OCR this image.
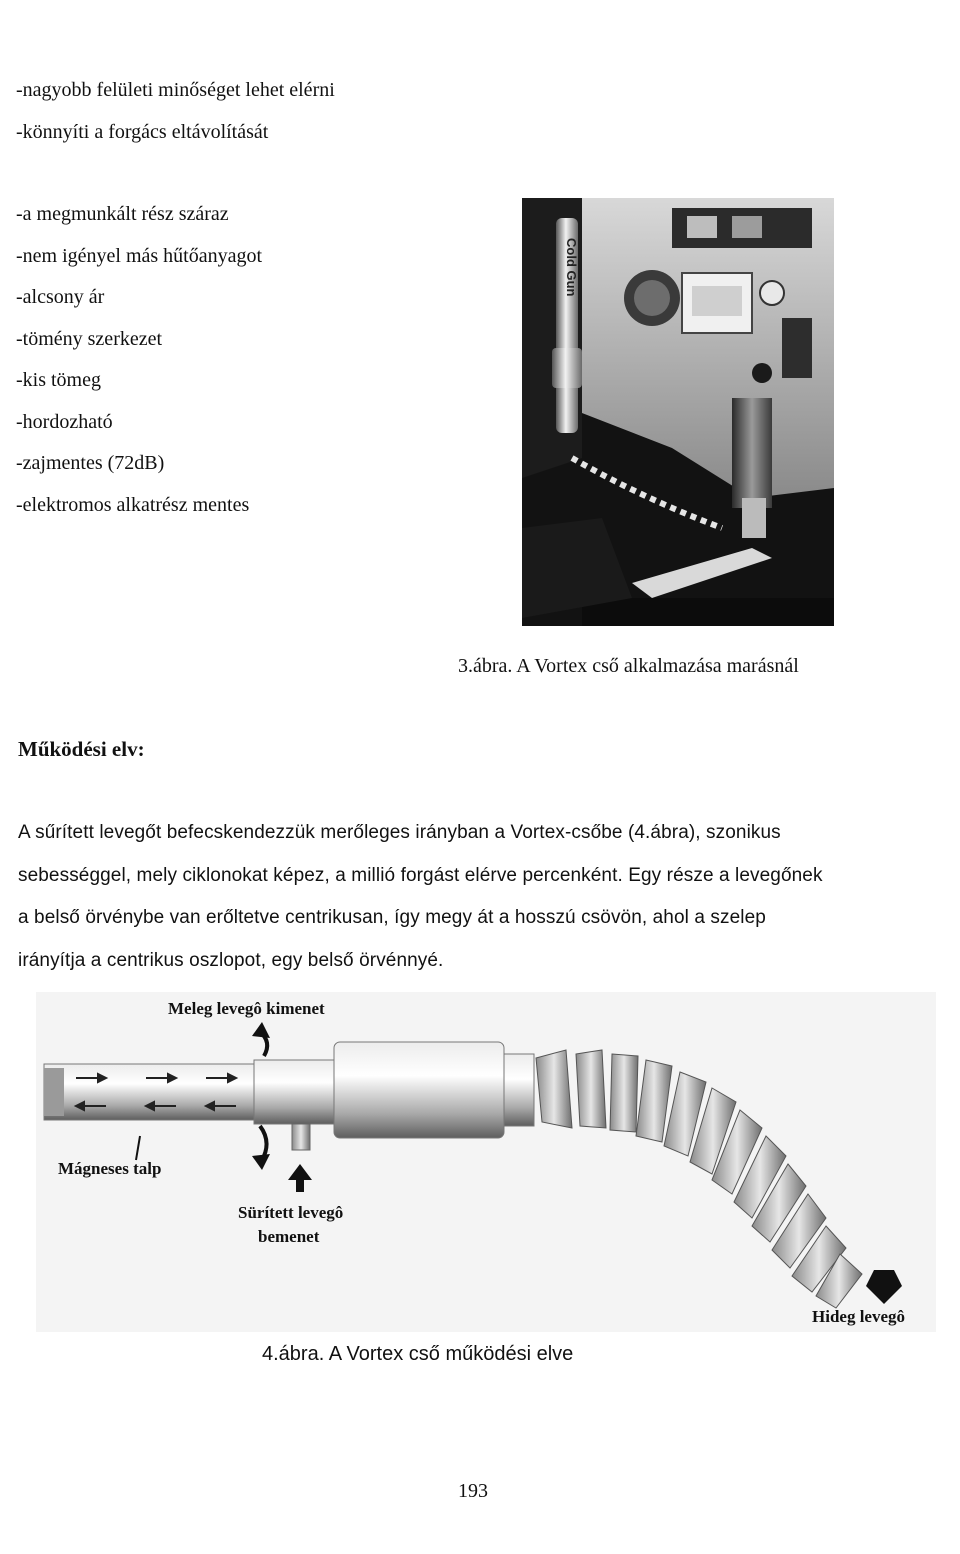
-nagyobb felületi minőséget lehet elérni
-könnyíti a forgács eltávolítását
-a megmunkált rész száraz
-nem igényel más hűtőanyagot
-alcsony ár
-tömény szerkezet
-kis tömeg
-hordozható
-zajmentes (72dB)
-elektromos alkatrész mentes
Cold Gun
3.ábra. A Vortex cső alkalmazása marásnál
Működési elv:
A sűrített levegőt befecskendezzük merőleges irányban a Vortex-csőbe (4.ábra), szonikus
sebességgel, mely ciklonokat képez, a millió forgást elérve percenként. Egy része a levegőnek
a belső örvénybe van erőltetve centrikusan, így megy át a hosszú csövön, ahol a szelep
irányítja a centrikus oszlopot, egy belső örvénnyé.
Meleg levegô kimenet
Mágneses talp
Sürített levegô
bemenet
Hideg levegô
4.ábra. A Vortex cső működési elve
193
